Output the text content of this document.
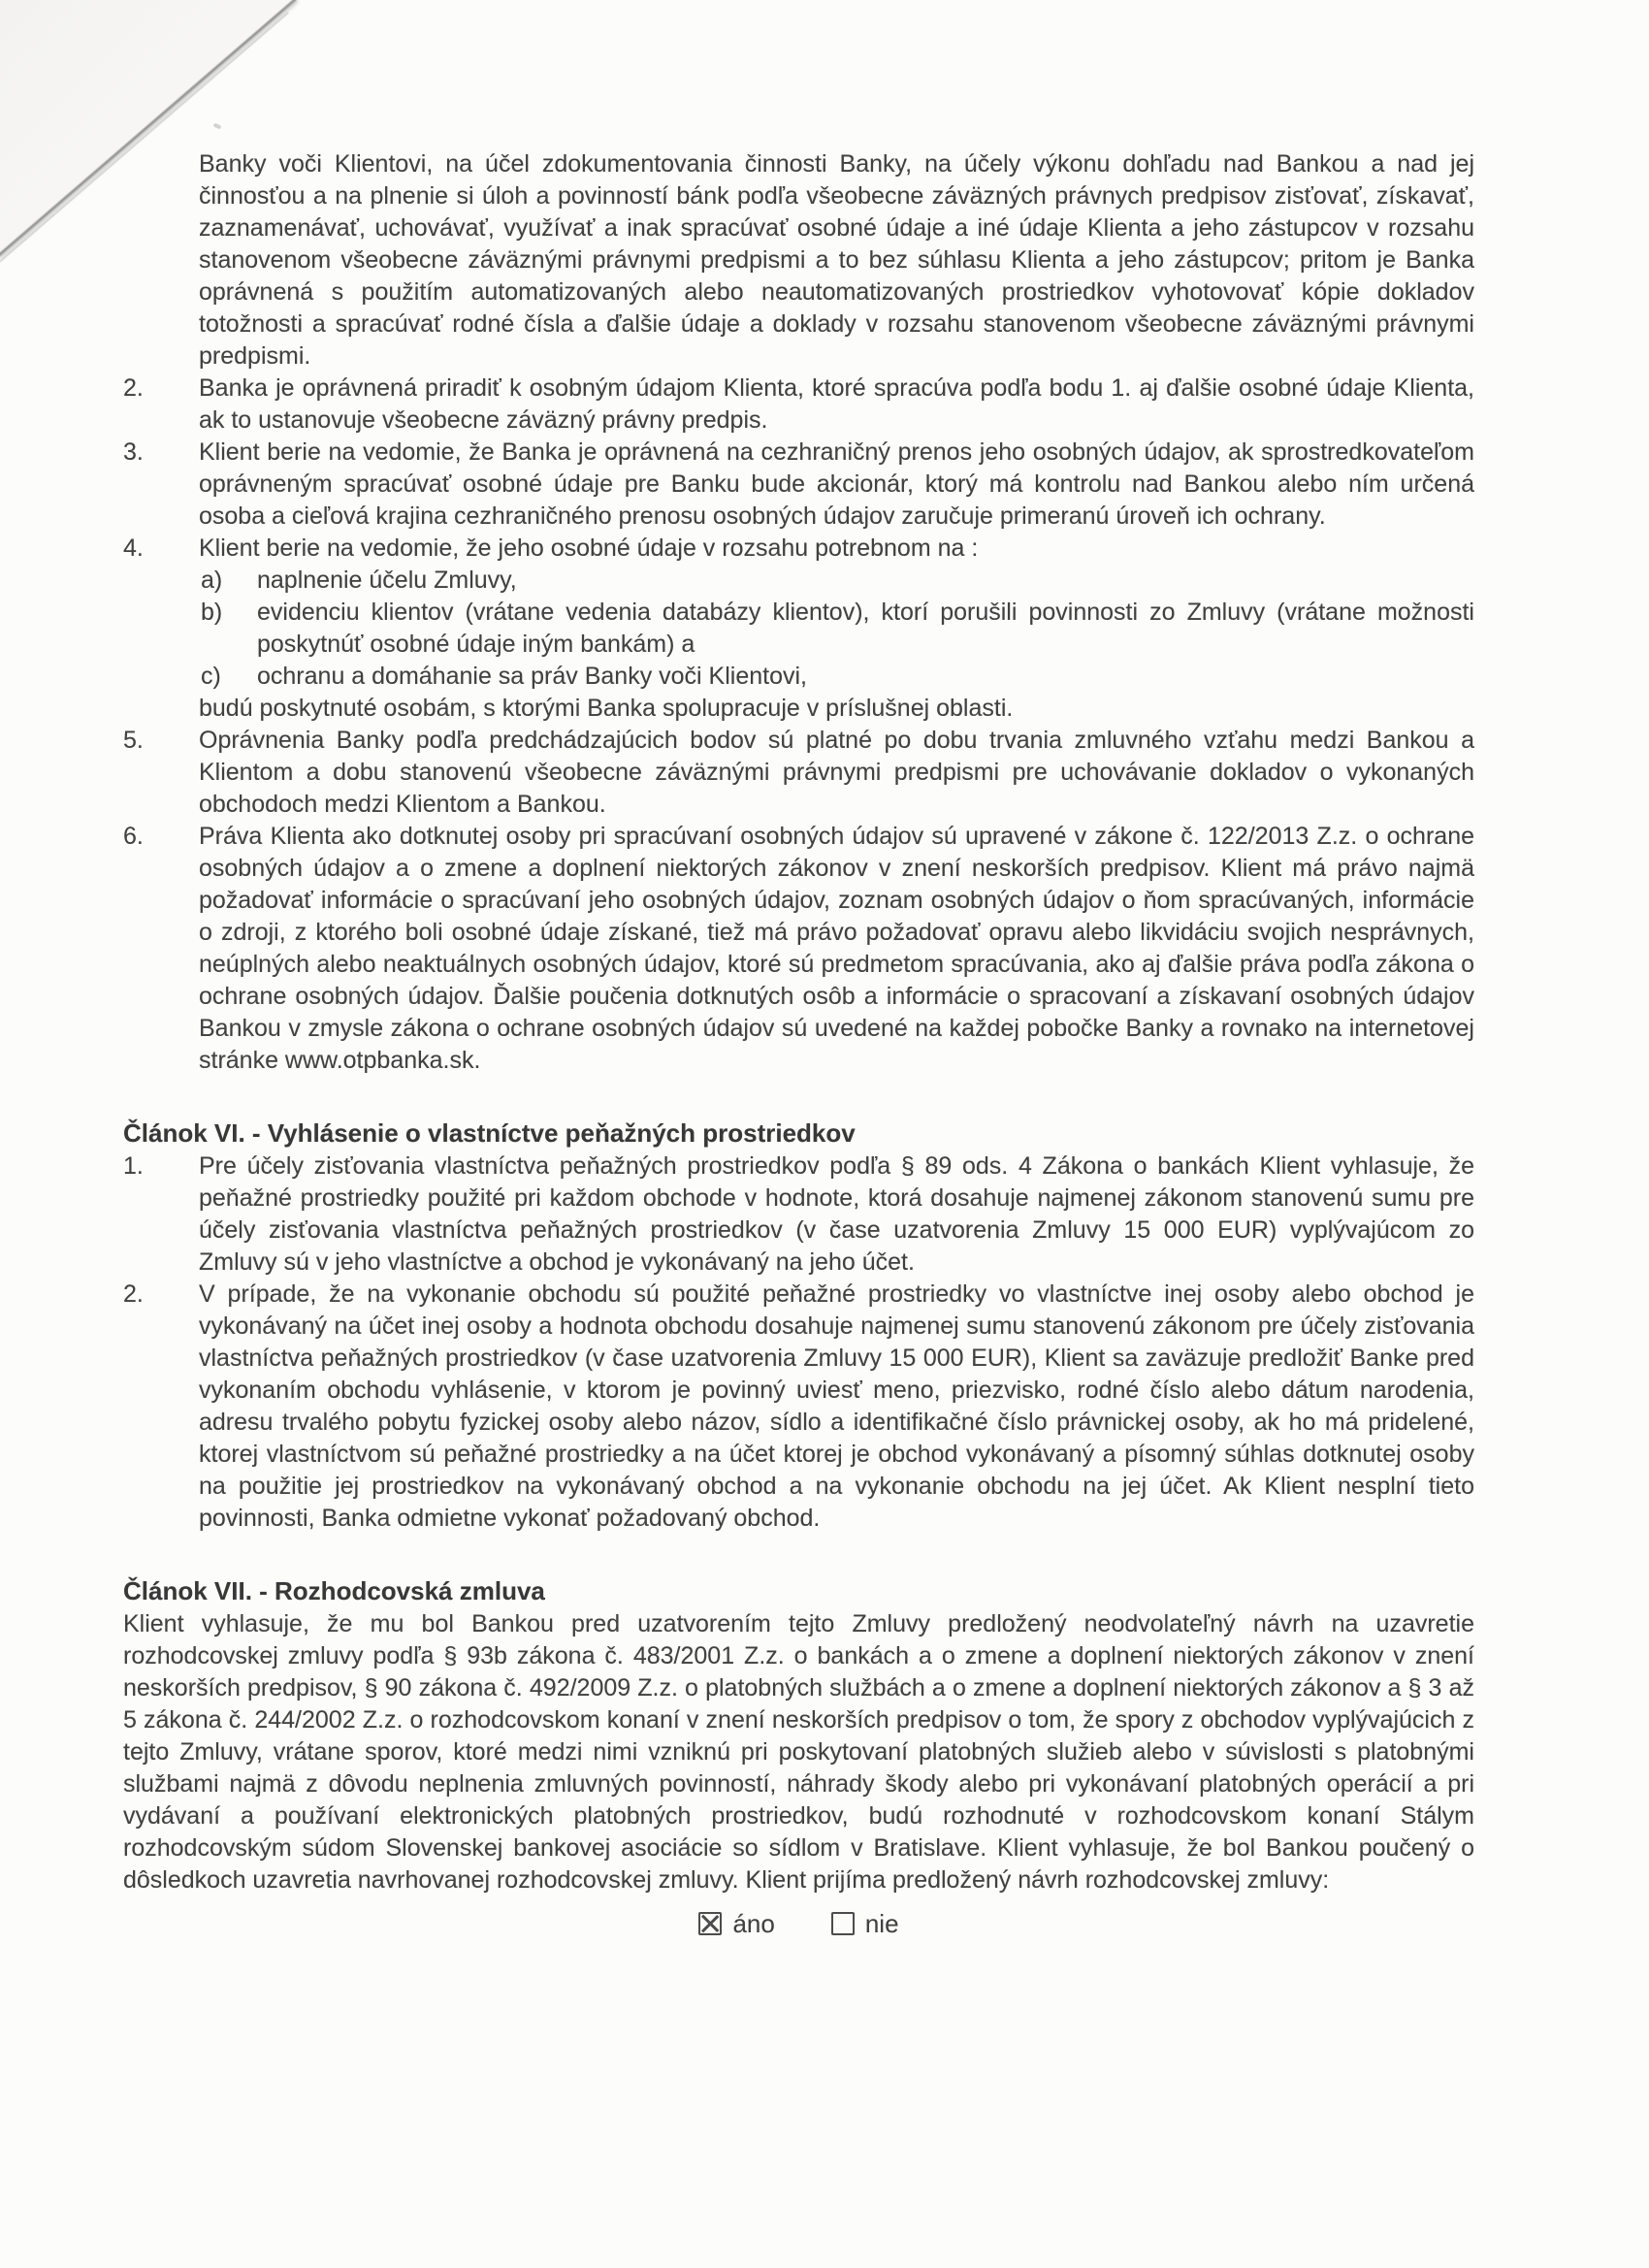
Banky voči Klientovi, na účel zdokumentovania činnosti Banky, na účely výkonu dohľadu nad Bankou a nad jej činnosťou a na plnenie si úloh a povinností bánk podľa všeobecne záväzných právnych predpisov zisťovať, získavať, zaznamenávať, uchovávať, využívať a inak spracúvať osobné údaje a iné údaje Klienta a jeho zástupcov v rozsahu stanovenom všeobecne záväznými právnymi predpismi a to bez súhlasu Klienta a jeho zástupcov; pritom je Banka oprávnená s použitím automatizovaných alebo neautomatizovaných prostriedkov vyhotovovať kópie dokladov totožnosti a spracúvať rodné čísla a ďalšie údaje a doklady v rozsahu stanovenom všeobecne záväznými právnymi predpismi.
2.	Banka je oprávnená priradiť k osobným údajom Klienta, ktoré spracúva podľa bodu 1. aj ďalšie osobné údaje Klienta, ak to ustanovuje všeobecne záväzný právny predpis.
3.	Klient berie na vedomie, že Banka je oprávnená na cezhraničný prenos jeho osobných údajov, ak sprostredkovateľom oprávneným spracúvať osobné údaje pre Banku bude akcionár, ktorý má kontrolu nad Bankou alebo ním určená osoba a cieľová krajina cezhraničného prenosu osobných údajov zaručuje primeranú úroveň ich ochrany.
4.	Klient berie na vedomie, že jeho osobné údaje v rozsahu potrebnom na :
a)	naplnenie účelu Zmluvy,
b)	evidenciu klientov (vrátane vedenia databázy klientov), ktorí porušili povinnosti zo Zmluvy (vrátane možnosti poskytnúť osobné údaje iným bankám) a
c)	ochranu a domáhanie sa práv Banky voči Klientovi,
budú poskytnuté osobám, s ktorými Banka spolupracuje v príslušnej oblasti.
5.	Oprávnenia Banky podľa predchádzajúcich bodov sú platné po dobu trvania zmluvného vzťahu medzi Bankou a Klientom a dobu stanovenú všeobecne záväznými právnymi predpismi pre uchovávanie dokladov o vykonaných obchodoch medzi Klientom a Bankou.
6.	Práva Klienta ako dotknutej osoby pri spracúvaní osobných údajov sú upravené v zákone č. 122/2013 Z.z. o ochrane osobných údajov a o zmene a doplnení niektorých zákonov v znení neskorších predpisov. Klient má právo najmä požadovať informácie o spracúvaní jeho osobných údajov, zoznam osobných údajov o ňom spracúvaných, informácie o zdroji, z ktorého boli osobné údaje získané, tiež má právo požadovať opravu alebo likvidáciu svojich nesprávnych, neúplných alebo neaktuálnych osobných údajov, ktoré sú predmetom spracúvania, ako aj ďalšie práva podľa zákona o ochrane osobných údajov. Ďalšie poučenia dotknutých osôb a informácie o spracovaní a získavaní osobných údajov Bankou v zmysle zákona o ochrane osobných údajov sú uvedené na každej pobočke Banky a rovnako na internetovej stránke www.otpbanka.sk.
Článok VI. - Vyhlásenie o vlastníctve peňažných prostriedkov
1.	Pre účely zisťovania vlastníctva peňažných prostriedkov podľa § 89 ods. 4 Zákona o bankách Klient vyhlasuje, že peňažné prostriedky použité pri každom obchode v hodnote, ktorá dosahuje najmenej zákonom stanovenú sumu pre účely zisťovania vlastníctva peňažných prostriedkov (v čase uzatvorenia Zmluvy 15 000 EUR) vyplývajúcom zo Zmluvy sú v jeho vlastníctve a obchod je vykonávaný na jeho účet.
2.	V prípade, že na vykonanie obchodu sú použité peňažné prostriedky vo vlastníctve inej osoby alebo obchod je vykonávaný na účet inej osoby a hodnota obchodu dosahuje najmenej sumu stanovenú zákonom pre účely zisťovania vlastníctva peňažných prostriedkov (v čase uzatvorenia Zmluvy 15 000 EUR), Klient sa zaväzuje predložiť Banke pred vykonaním obchodu vyhlásenie, v ktorom je povinný uviesť meno, priezvisko, rodné číslo alebo dátum narodenia, adresu trvalého pobytu fyzickej osoby alebo názov, sídlo a identifikačné číslo právnickej osoby, ak ho má pridelené, ktorej vlastníctvom sú peňažné prostriedky a na účet ktorej je obchod vykonávaný a písomný súhlas dotknutej osoby na použitie jej prostriedkov na vykonávaný obchod a na vykonanie obchodu na jej účet. Ak Klient nesplní tieto povinnosti, Banka odmietne vykonať požadovaný obchod.
Článok VII. - Rozhodcovská zmluva
Klient vyhlasuje, že mu bol Bankou pred uzatvorením tejto Zmluvy predložený neodvolateľný návrh na uzavretie rozhodcovskej zmluvy podľa § 93b zákona č. 483/2001 Z.z. o bankách a o zmene a doplnení niektorých zákonov v znení neskorších predpisov, § 90 zákona č. 492/2009 Z.z. o platobných službách a o zmene a doplnení niektorých zákonov a § 3 až 5 zákona č. 244/2002 Z.z. o rozhodcovskom konaní v znení neskorších predpisov o tom, že spory z obchodov vyplývajúcich z tejto Zmluvy, vrátane sporov, ktoré medzi nimi vzniknú pri poskytovaní platobných služieb alebo v súvislosti s platobnými službami najmä z dôvodu neplnenia zmluvných povinností, náhrady škody alebo pri vykonávaní platobných operácií a pri vydávaní a používaní elektronických platobných prostriedkov, budú rozhodnuté v rozhodcovskom konaní Stálym rozhodcovským súdom Slovenskej bankovej asociácie so sídlom v Bratislave. Klient vyhlasuje, že bol Bankou poučený o dôsledkoch uzavretia navrhovanej rozhodcovskej zmluvy. Klient prijíma predložený návrh rozhodcovskej zmluvy:
áno	nie
